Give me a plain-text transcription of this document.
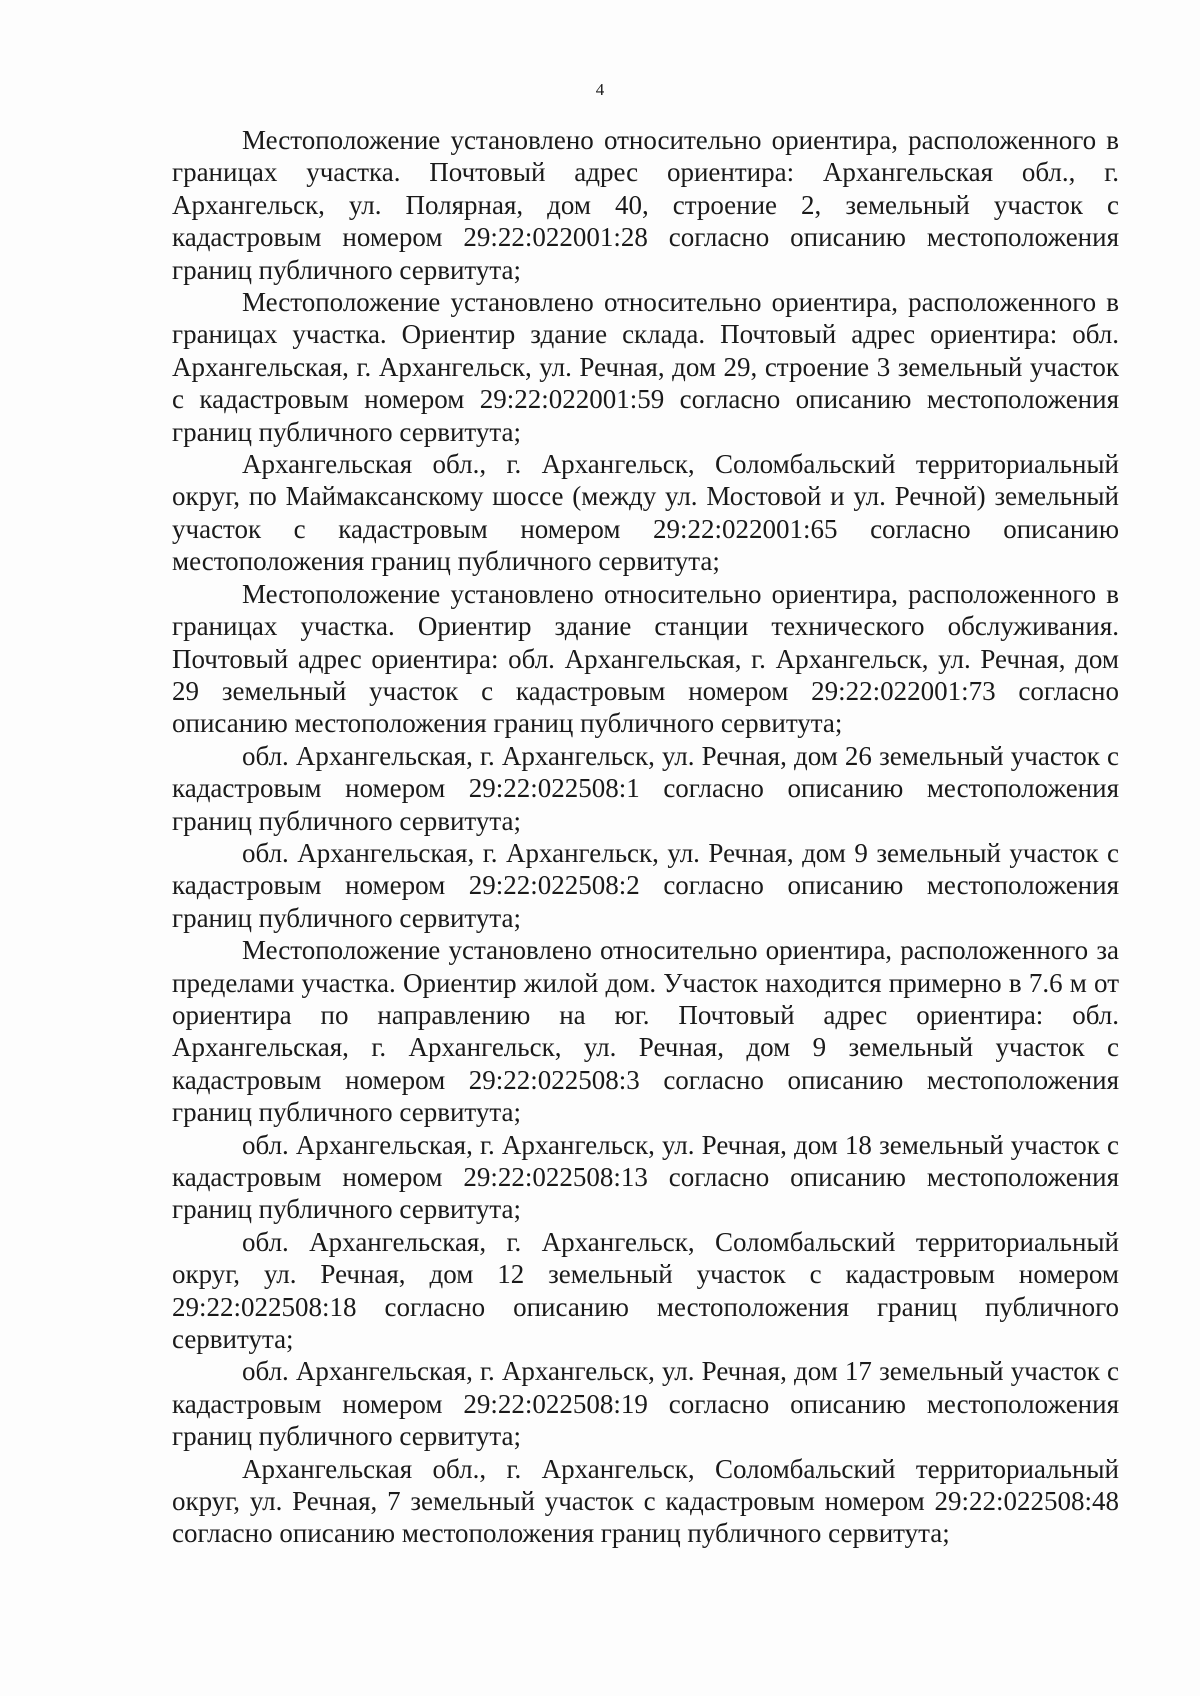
4

Местоположение установлено относительно ориентира, расположенного в границах участка. Почтовый адрес ориентира: Архангельская обл., г. Архангельск, ул. Полярная, дом 40, строение 2, земельный участок с кадастровым номером 29:22:022001:28 согласно описанию местоположения границ публичного сервитута;

Местоположение установлено относительно ориентира, расположенного в границах участка. Ориентир здание склада. Почтовый адрес ориентира: обл. Архангельская, г. Архангельск, ул. Речная, дом 29, строение 3 земельный участок с кадастровым номером 29:22:022001:59 согласно описанию местоположения границ публичного сервитута;

Архангельская обл., г. Архангельск, Соломбальский территориальный округ, по Маймаксанскому шоссе (между ул. Мостовой и ул. Речной) земельный участок с кадастровым номером 29:22:022001:65 согласно описанию местоположения границ публичного сервитута;

Местоположение установлено относительно ориентира, расположенного в границах участка. Ориентир здание станции технического обслуживания. Почтовый адрес ориентира: обл. Архангельская, г. Архангельск, ул. Речная, дом 29 земельный участок с кадастровым номером 29:22:022001:73 согласно описанию местоположения границ публичного сервитута;

обл. Архангельская, г. Архангельск, ул. Речная, дом 26 земельный участок с кадастровым номером 29:22:022508:1 согласно описанию местоположения границ публичного сервитута;

обл. Архангельская, г. Архангельск, ул. Речная, дом 9 земельный участок с кадастровым номером 29:22:022508:2 согласно описанию местоположения границ публичного сервитута;

Местоположение установлено относительно ориентира, расположенного за пределами участка. Ориентир жилой дом. Участок находится примерно в 7.6 м от ориентира по направлению на юг. Почтовый адрес ориентира: обл. Архангельская, г. Архангельск, ул. Речная, дом 9 земельный участок с кадастровым номером 29:22:022508:3 согласно описанию местоположения границ публичного сервитута;

обл. Архангельская, г. Архангельск, ул. Речная, дом 18 земельный участок с кадастровым номером 29:22:022508:13 согласно описанию местоположения границ публичного сервитута;

обл. Архангельская, г. Архангельск, Соломбальский территориальный округ, ул. Речная, дом 12 земельный участок с кадастровым номером 29:22:022508:18 согласно описанию местоположения границ публичного сервитута;

обл. Архангельская, г. Архангельск, ул. Речная, дом 17 земельный участок с кадастровым номером 29:22:022508:19 согласно описанию местоположения границ публичного сервитута;

Архангельская обл., г. Архангельск, Соломбальский территориальный округ, ул. Речная, 7 земельный участок с кадастровым номером 29:22:022508:48 согласно описанию местоположения границ публичного сервитута;
